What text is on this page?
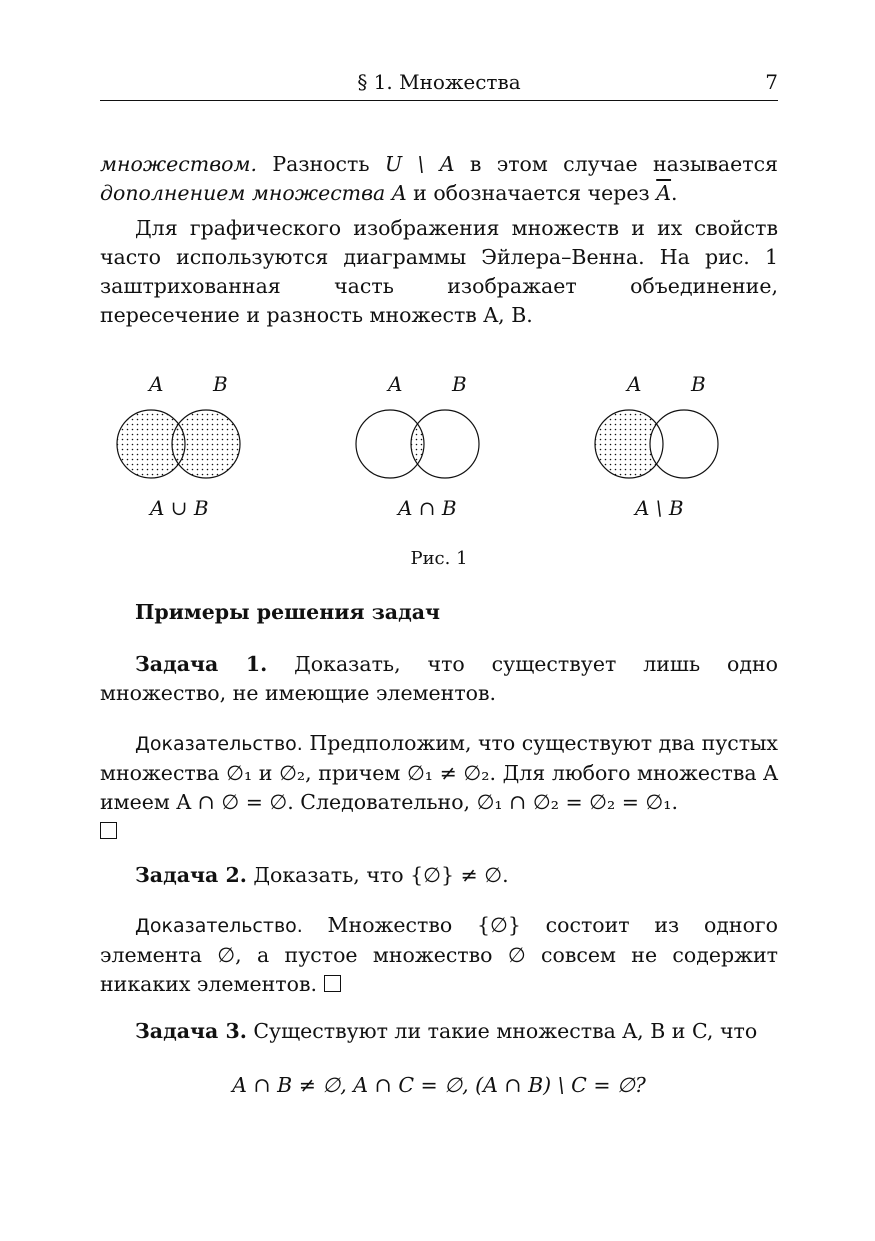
§ 1. Множества	7
множеством. Разность U \ A в этом случае называется дополнением множества A и обозначается через $\overline{A}$.
Для графического изображения множеств и их свойств часто используются диаграммы Эйлера–Венна. На рис. 1 заштрихованная часть изображает объединение, пересечение и разность множеств A, B.
A B
A ∪ B
A B
A ∩ B
A B
A \ B
Рис. 1
Примеры решения задач
Задача 1. Доказать, что существует лишь одно множество, не имеющие элементов.
Доказательство. Предположим, что существуют два пустых множества ∅₁ и ∅₂, причем ∅₁ ≠ ∅₂. Для любого множества A имеем A ∩ ∅ = ∅. Следовательно, ∅₁ ∩ ∅₂ = ∅₂ = ∅₁.

Задача 2. Доказать, что {∅} ≠ ∅.
Доказательство. Множество {∅} состоит из одного элемента ∅, а пустое множество ∅ совсем не содержит никаких элементов.
Задача 3. Существуют ли такие множества A, B и C, что
A ∩ B ≠ ∅, A ∩ C = ∅, (A ∩ B) \ C = ∅?
